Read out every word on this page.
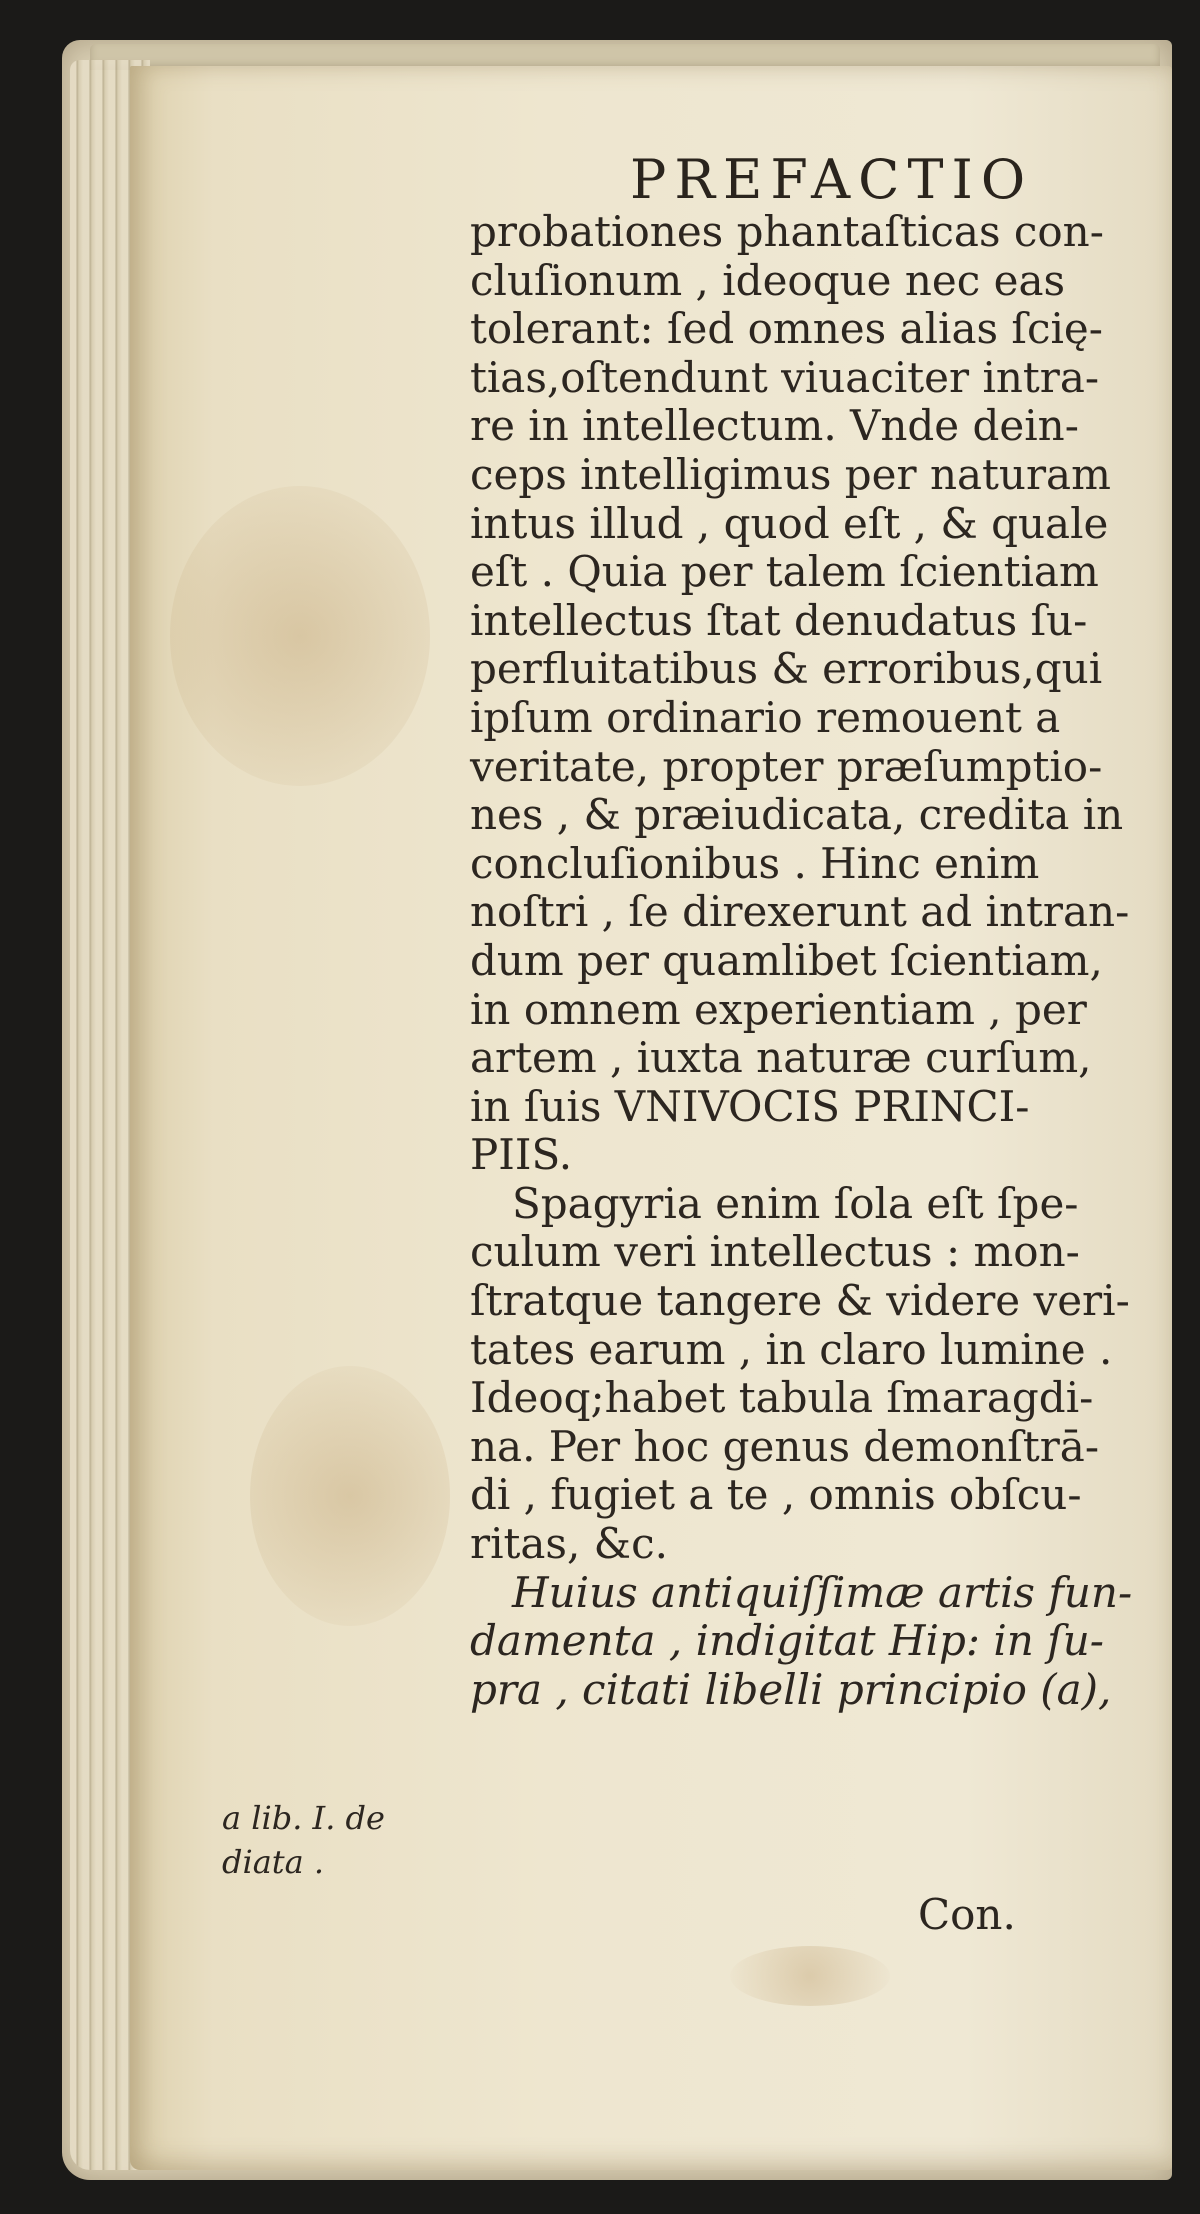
PREFACTIO
probationes phantaſticas con-
cluſionum , ideoque nec eas
tolerant: ſed omnes alias ſcię-
tias,oſtendunt viuaciter intra-
re in intellectum. Vnde dein-
ceps intelligimus per naturam
intus illud , quod eſt , & quale
eſt . Quia per talem ſcientiam
intellectus ſtat denudatus ſu-
perfluitatibus & erroribus,qui
ipſum ordinario remouent a
veritate, propter præſumptio-
nes , & præiudicata, credita in
concluſionibus . Hinc enim
noſtri , ſe direxerunt ad intran-
dum per quamlibet ſcientiam,
in omnem experientiam , per
artem , iuxta naturæ curſum,
in ſuis VNIVOCIS PRINCI-
PIIS.
Spagyria enim ſola eſt ſpe-
culum veri intellectus : mon-
ſtratque tangere & videre veri-
tates earum , in claro lumine .
Ideoq;habet tabula ſmaragdi-
na. Per hoc genus demonſtrā-
di , fugiet a te , omnis obſcu-
ritas, &c.
Huius antiquiſſimæ artis fun-
damenta , indigitat Hip: in ſu-
pra , citati libelli principio (a),
a lib. I. de
diata .
Con.
